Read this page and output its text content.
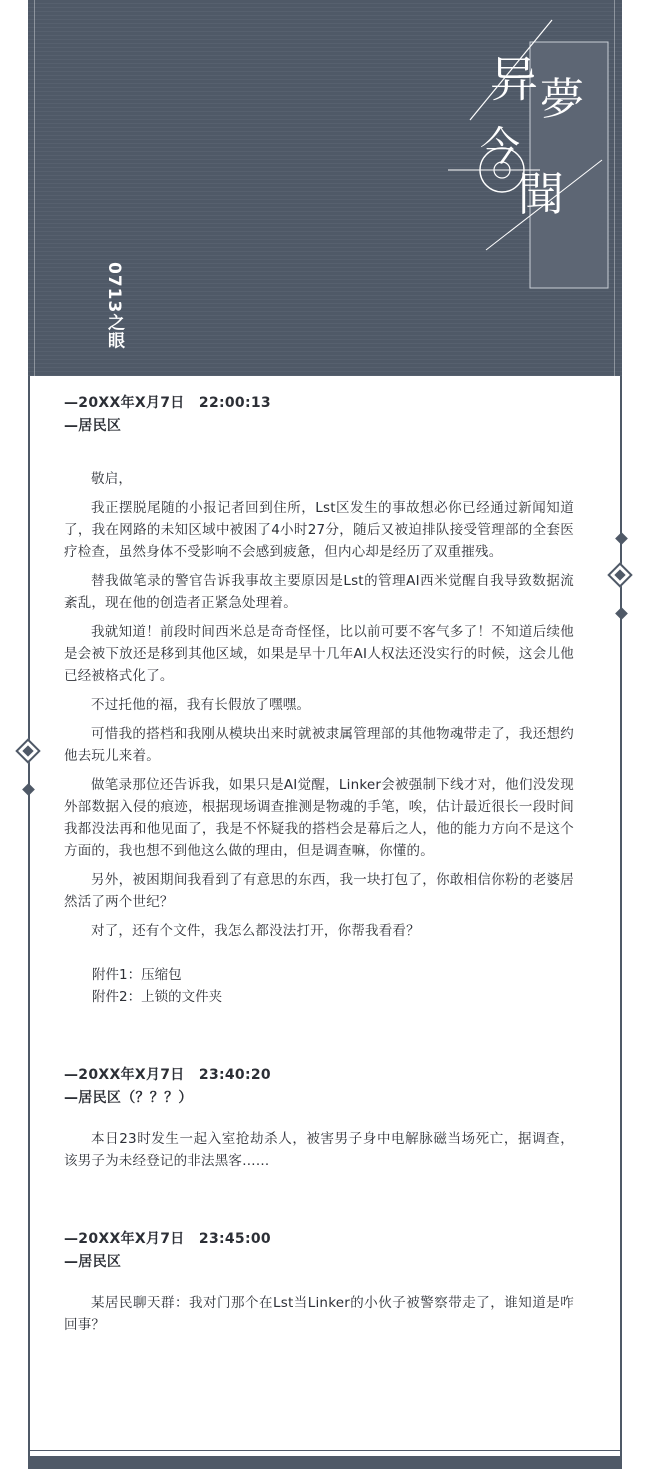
0713之眼
异 夢
今
聞
—20XX年X月7日　22:00:13
—居民区

敬启，

我正摆脱尾随的小报记者回到住所，Lst区发生的事故想必你已经通过新闻知道了，我在网路的未知区域中被困了4小时27分，随后又被迫排队接受管理部的全套医疗检查，虽然身体不受影响不会感到疲惫，但内心却是经历了双重摧残。

替我做笔录的警官告诉我事故主要原因是Lst的管理AI西米觉醒自我导致数据流紊乱，现在他的创造者正紧急处理着。

我就知道！前段时间西米总是奇奇怪怪，比以前可要不客气多了！不知道后续他是会被下放还是移到其他区域，如果是早十几年AI人权法还没实行的时候，这会儿他已经被格式化了。

不过托他的福，我有长假放了嘿嘿。

可惜我的搭档和我刚从模块出来时就被隶属管理部的其他物魂带走了，我还想约他去玩儿来着。

做笔录那位还告诉我，如果只是AI觉醒，Linker会被强制下线才对，他们没发现外部数据入侵的痕迹，根据现场调查推测是物魂的手笔，唉，估计最近很长一段时间我都没法再和他见面了，我是不怀疑我的搭档会是幕后之人，他的能力方向不是这个方面的，我也想不到他这么做的理由，但是调查嘛，你懂的。

另外，被困期间我看到了有意思的东西，我一块打包了，你敢相信你粉的老婆居然活了两个世纪？

对了，还有个文件，我怎么都没法打开，你帮我看看？

附件1：压缩包
附件2：上锁的文件夹
—20XX年X月7日　23:40:20
—居民区（？？？）

本日23时发生一起入室抢劫杀人，被害男子身中电解脉磁当场死亡，据调查，该男子为未经登记的非法黑客……

—20XX年X月7日　23:45:00
—居民区

某居民聊天群：我对门那个在Lst当Linker的小伙子被警察带走了，谁知道是咋回事？
